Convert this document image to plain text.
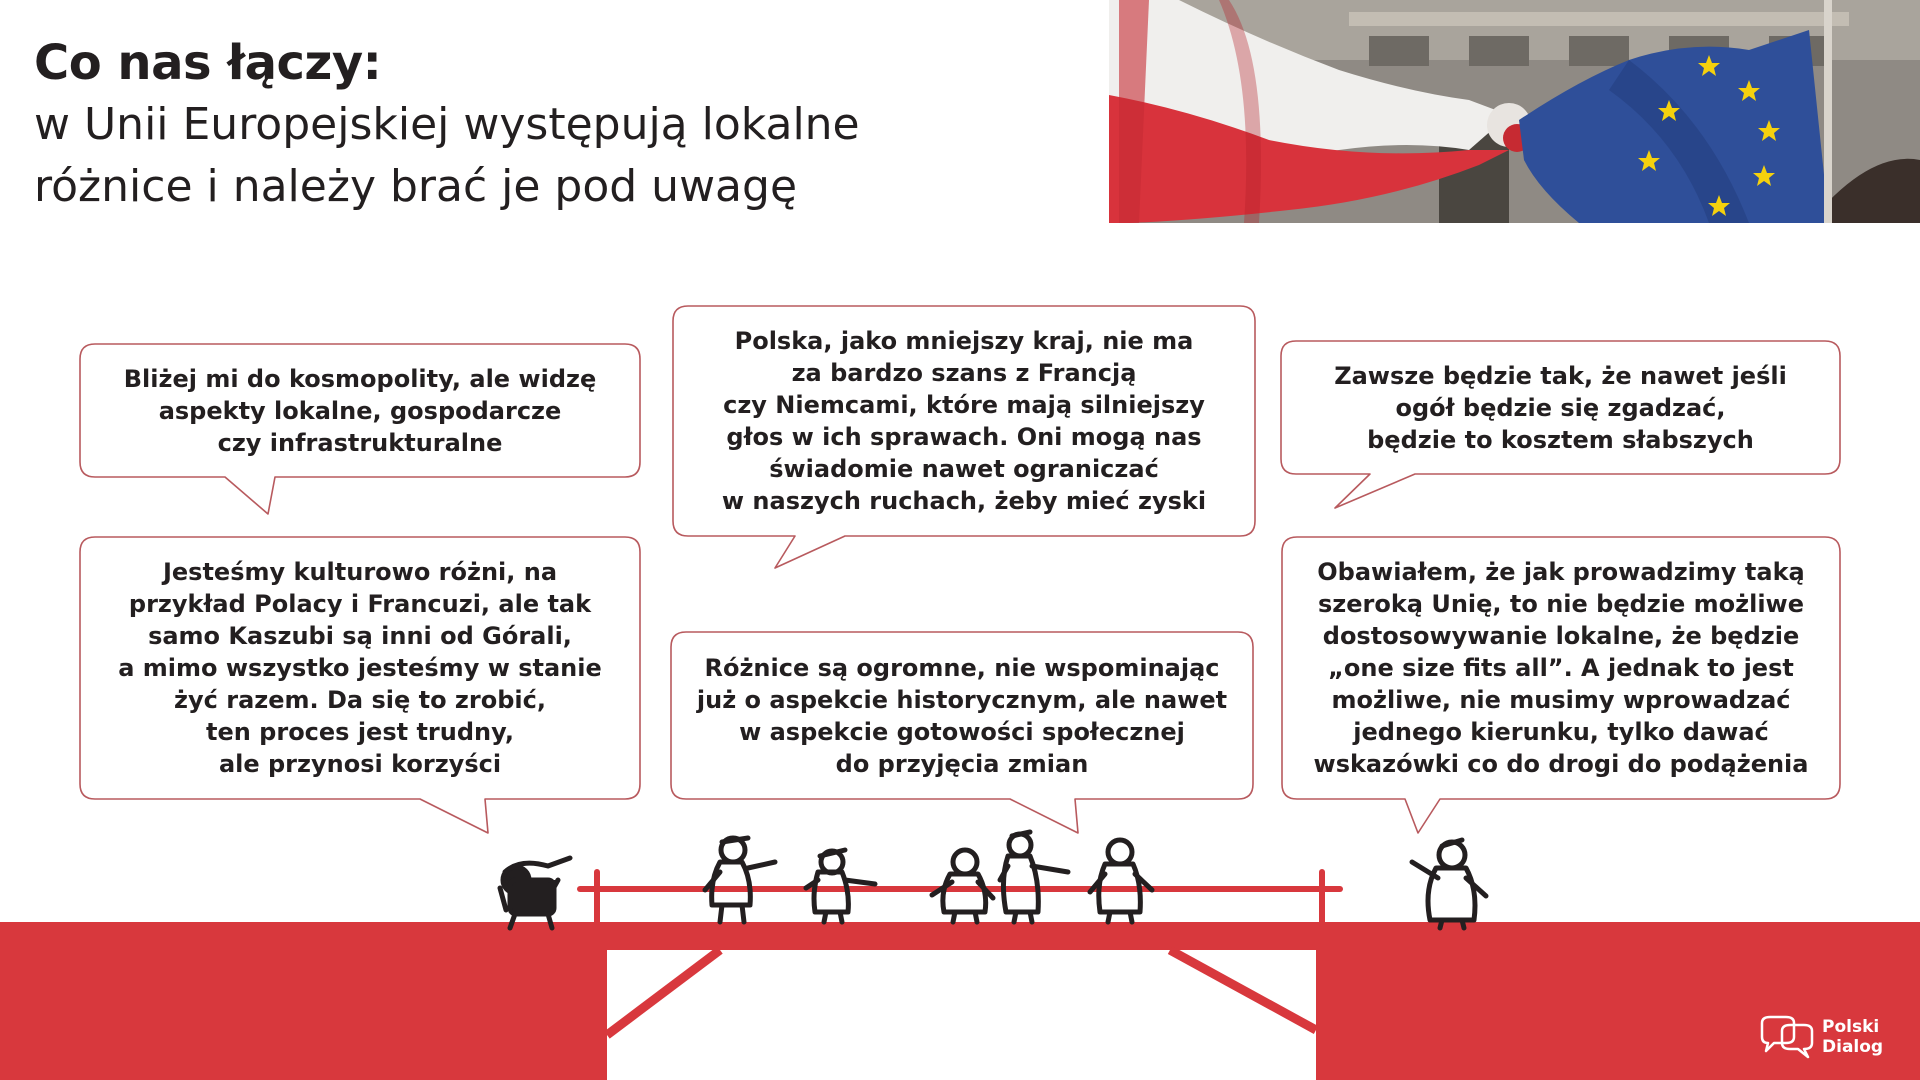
Co nas łączy:
w Unii Europejskiej występują lokalne
różnice i należy brać je pod uwagę
Bliżej mi do kosmopolity, ale widzę
aspekty lokalne, gospodarcze
czy infrastrukturalne
Polska, jako mniejszy kraj, nie ma
za bardzo szans z Francją
czy Niemcami, które mają silniejszy
głos w ich sprawach. Oni mogą nas
świadomie nawet ograniczać
w naszych ruchach, żeby mieć zyski
Zawsze będzie tak, że nawet jeśli
ogół będzie się zgadzać,
będzie to kosztem słabszych
Jesteśmy kulturowo różni, na
przykład Polacy i Francuzi, ale tak
samo Kaszubi są inni od Górali,
a mimo wszystko jesteśmy w stanie
żyć razem. Da się to zrobić,
ten proces jest trudny,
ale przynosi korzyści
Różnice są ogromne, nie wspominając
już o aspekcie historycznym, ale nawet
w aspekcie gotowości społecznej
do przyjęcia zmian
Obawiałem, że jak prowadzimy taką
szeroką Unię, to nie będzie możliwe
dostosowywanie lokalne, że będzie
„one size fits all”. A jednak to jest
możliwe, nie musimy wprowadzać
jednego kierunku, tylko dawać
wskazówki co do drogi do podążenia
Polski
Dialog
